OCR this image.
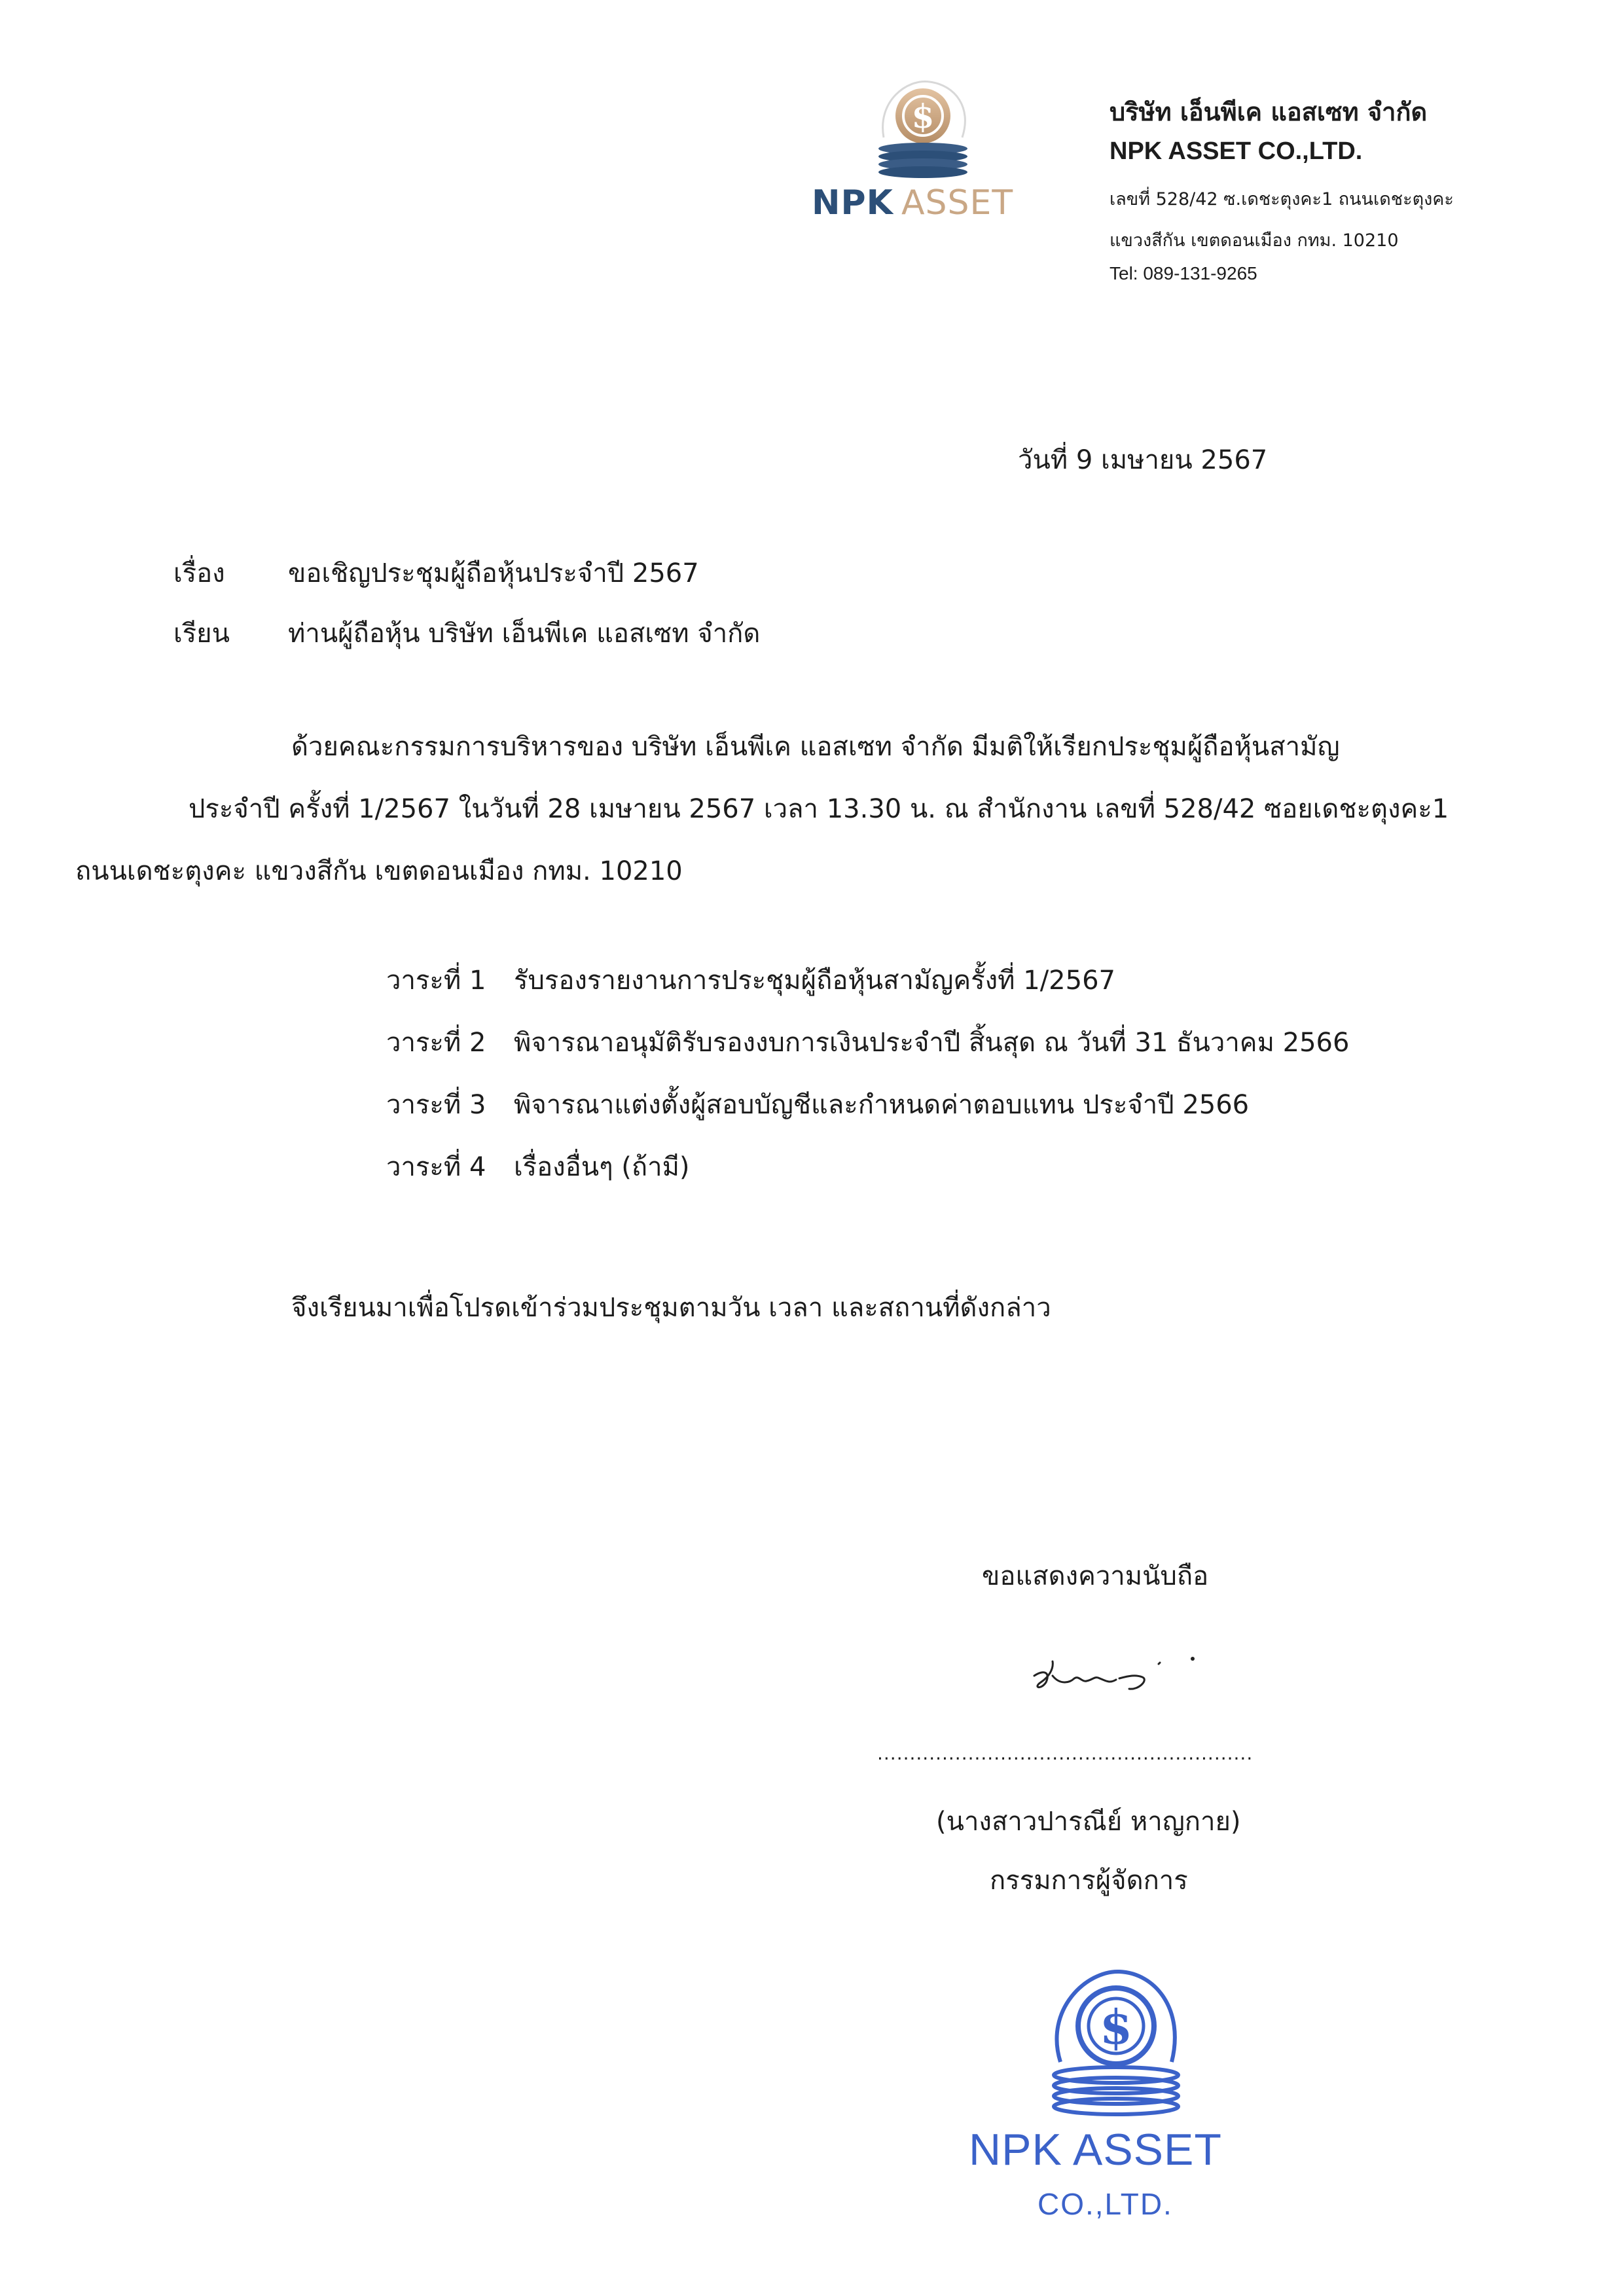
$
NPK ASSET
บริษัท เอ็นพีเค แอสเซท จำกัด
NPK ASSET CO.,LTD.
เลขที่ 528/42 ซ.เดชะตุงคะ1 ถนนเดชะตุงคะ
แขวงสีกัน เขตดอนเมือง กทม. 10210
Tel: 089-131-9265
วันที่ 9 เมษายน 2567
เรื่อง ขอเชิญประชุมผู้ถือหุ้นประจำปี 2567
เรียน ท่านผู้ถือหุ้น บริษัท เอ็นพีเค แอสเซท จำกัด
ด้วยคณะกรรมการบริหารของ บริษัท เอ็นพีเค แอสเซท จำกัด มีมติให้เรียกประชุมผู้ถือหุ้นสามัญ
ประจำปี ครั้งที่ 1/2567 ในวันที่ 28 เมษายน 2567 เวลา 13.30 น. ณ สำนักงาน เลขที่ 528/42 ซอยเดชะตุงคะ1
ถนนเดชะตุงคะ แขวงสีกัน เขตดอนเมือง กทม. 10210
วาระที่ 1 รับรองรายงานการประชุมผู้ถือหุ้นสามัญครั้งที่ 1/2567
วาระที่ 2 พิจารณาอนุมัติรับรองงบการเงินประจำปี สิ้นสุด ณ วันที่ 31 ธันวาคม 2566
วาระที่ 3 พิจารณาแต่งตั้งผู้สอบบัญชีและกำหนดค่าตอบแทน ประจำปี 2566
วาระที่ 4 เรื่องอื่นๆ (ถ้ามี)
จึงเรียนมาเพื่อโปรดเข้าร่วมประชุมตามวัน เวลา และสถานที่ดังกล่าว
ขอแสดงความนับถือ
..........................................................
(นางสาวปารณีย์ หาญกาย)
กรรมการผู้จัดการ
$
NPK ASSET
CO.,LTD.
